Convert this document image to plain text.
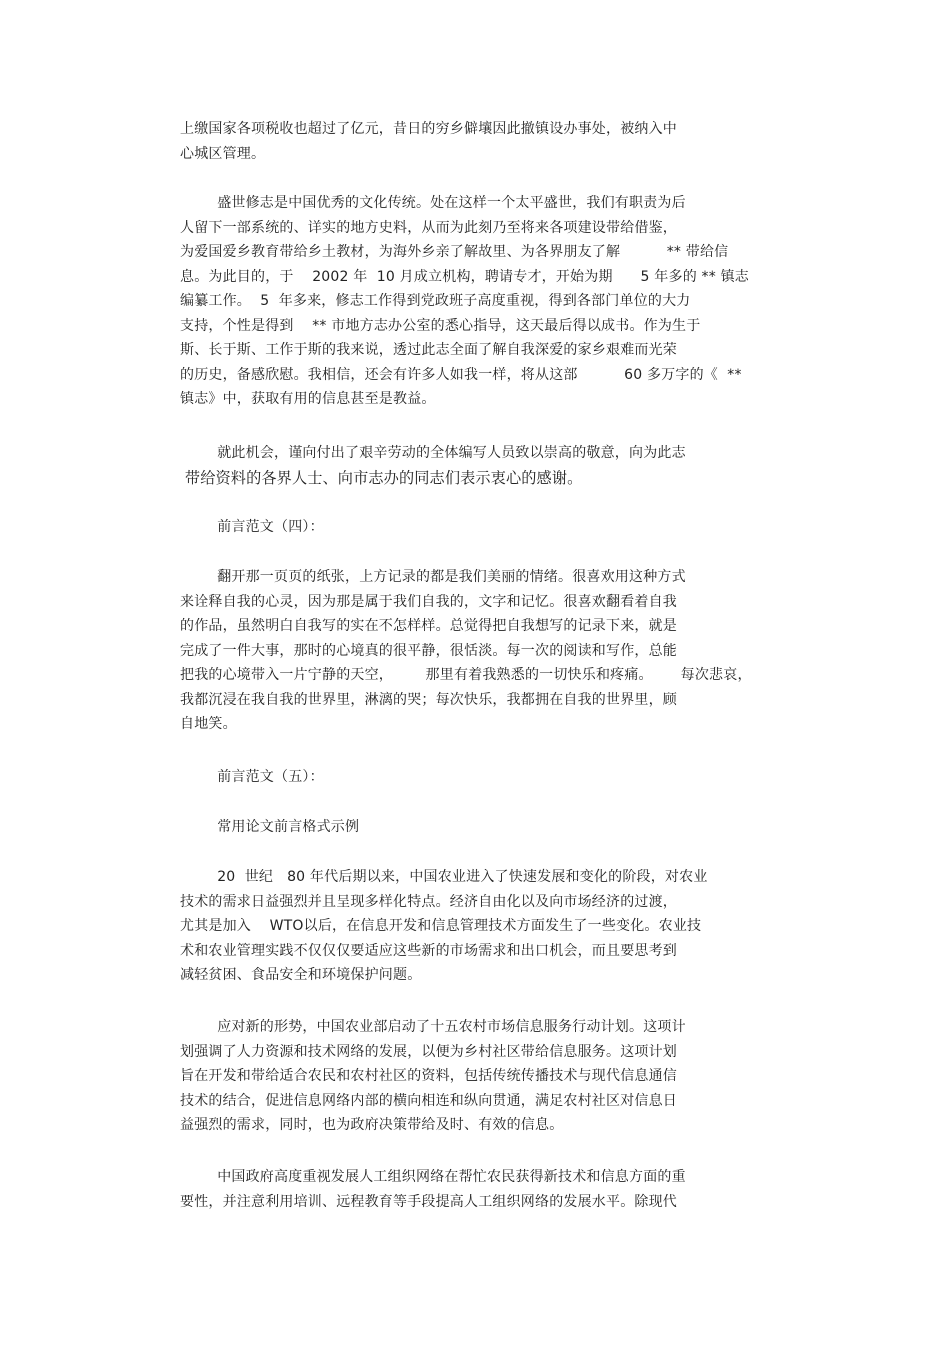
上缴国家各项税收也超过了亿元，昔日的穷乡僻壤因此撤镇设办事处，被纳入中
心城区管理。
盛世修志是中国优秀的文化传统。处在这样一个太平盛世，我们有职责为后
人留下一部系统的、详实的地方史料，从而为此刻乃至将来各项建设带给借鉴，
为爱国爱乡教育带给乡土教材，为海外乡亲了解故里、为各界朋友了解          ** 带给信
息。为此目的，于    2002 年  10 月成立机构，聘请专才，开始为期      5 年多的 ** 镇志
编纂工作。  5  年多来，修志工作得到党政班子高度重视，得到各部门单位的大力
支持，个性是得到    ** 市地方志办公室的悉心指导，这天最后得以成书。作为生于
斯、长于斯、工作于斯的我来说，透过此志全面了解自我深爱的家乡艰难而光荣
的历史，备感欣慰。我相信，还会有许多人如我一样，将从这部          60 多万字的《  **
镇志》中，获取有用的信息甚至是教益。
就此机会，谨向付出了艰辛劳动的全体编写人员致以崇高的敬意，向为此志
带给资料的各界人士、向市志办的同志们表示衷心的感谢。
前言范文（四）：
翻开那一页页的纸张，上方记录的都是我们美丽的情绪。很喜欢用这种方式
来诠释自我的心灵，因为那是属于我们自我的，文字和记忆。很喜欢翻看着自我
的作品，虽然明白自我写的实在不怎样样。总觉得把自我想写的记录下来，就是
完成了一件大事，那时的心境真的很平静，很恬淡。每一次的阅读和写作，总能
把我的心境带入一片宁静的天空，       那里有着我熟悉的一切快乐和疼痛。      每次悲哀，
我都沉浸在我自我的世界里，淋漓的哭；每次快乐，我都拥在自我的世界里，顾
自地笑。
前言范文（五）：
常用论文前言格式示例
20  世纪   80 年代后期以来，中国农业进入了快速发展和变化的阶段，对农业
技术的需求日益强烈并且呈现多样化特点。经济自由化以及向市场经济的过渡，
尤其是加入    WTO以后，在信息开发和信息管理技术方面发生了一些变化。农业技
术和农业管理实践不仅仅仅要适应这些新的市场需求和出口机会，而且要思考到
减轻贫困、食品安全和环境保护问题。
应对新的形势，中国农业部启动了十五农村市场信息服务行动计划。这项计
划强调了人力资源和技术网络的发展，以便为乡村社区带给信息服务。这项计划
旨在开发和带给适合农民和农村社区的资料，包括传统传播技术与现代信息通信
技术的结合，促进信息网络内部的横向相连和纵向贯通，满足农村社区对信息日
益强烈的需求，同时，也为政府决策带给及时、有效的信息。
中国政府高度重视发展人工组织网络在帮忙农民获得新技术和信息方面的重
要性，并注意利用培训、远程教育等手段提高人工组织网络的发展水平。除现代
